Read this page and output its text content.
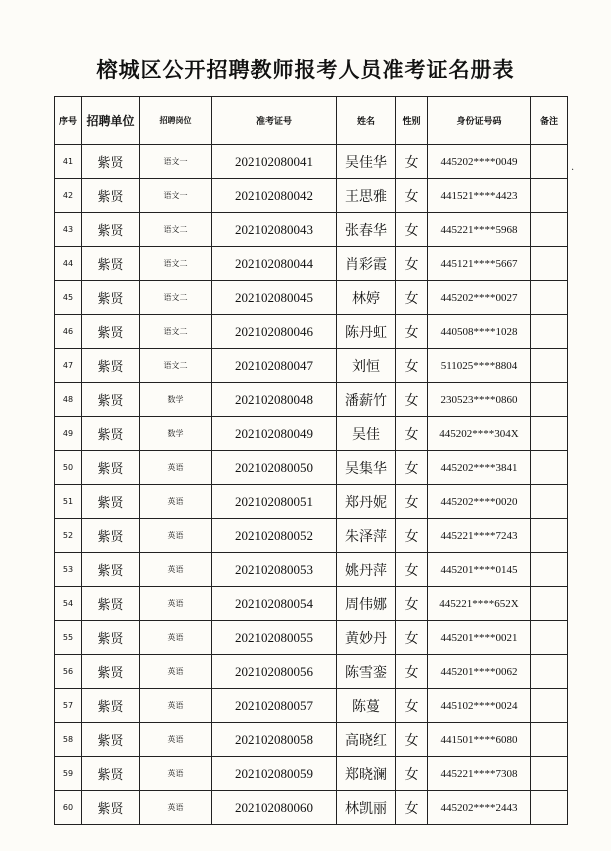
榕城区公开招聘教师报考人员准考证名册表
序号	招聘单位	招聘岗位	准考证号	姓名	性别	身份证号码	备注
41	紫贤	语文一	202102080041	吴佳华	女	445202****0049	
42	紫贤	语文一	202102080042	王思雅	女	441521****4423	
43	紫贤	语文二	202102080043	张春华	女	445221****5968	
44	紫贤	语文二	202102080044	肖彩霞	女	445121****5667	
45	紫贤	语文二	202102080045	林婷	女	445202****0027	
46	紫贤	语文二	202102080046	陈丹虹	女	440508****1028	
47	紫贤	语文二	202102080047	刘恒	女	511025****8804	
48	紫贤	数学	202102080048	潘薪竹	女	230523****0860	
49	紫贤	数学	202102080049	吴佳	女	445202****304X	
50	紫贤	英语	202102080050	吴集华	女	445202****3841	
51	紫贤	英语	202102080051	郑丹妮	女	445202****0020	
52	紫贤	英语	202102080052	朱泽萍	女	445221****7243	
53	紫贤	英语	202102080053	姚丹萍	女	445201****0145	
54	紫贤	英语	202102080054	周伟娜	女	445221****652X	
55	紫贤	英语	202102080055	黄妙丹	女	445201****0021	
56	紫贤	英语	202102080056	陈雪銮	女	445201****0062	
57	紫贤	英语	202102080057	陈蔓	女	445102****0024	
58	紫贤	英语	202102080058	高晓红	女	441501****6080	
59	紫贤	英语	202102080059	郑晓澜	女	445221****7308	
60	紫贤	英语	202102080060	林凯丽	女	445202****2443	
.
